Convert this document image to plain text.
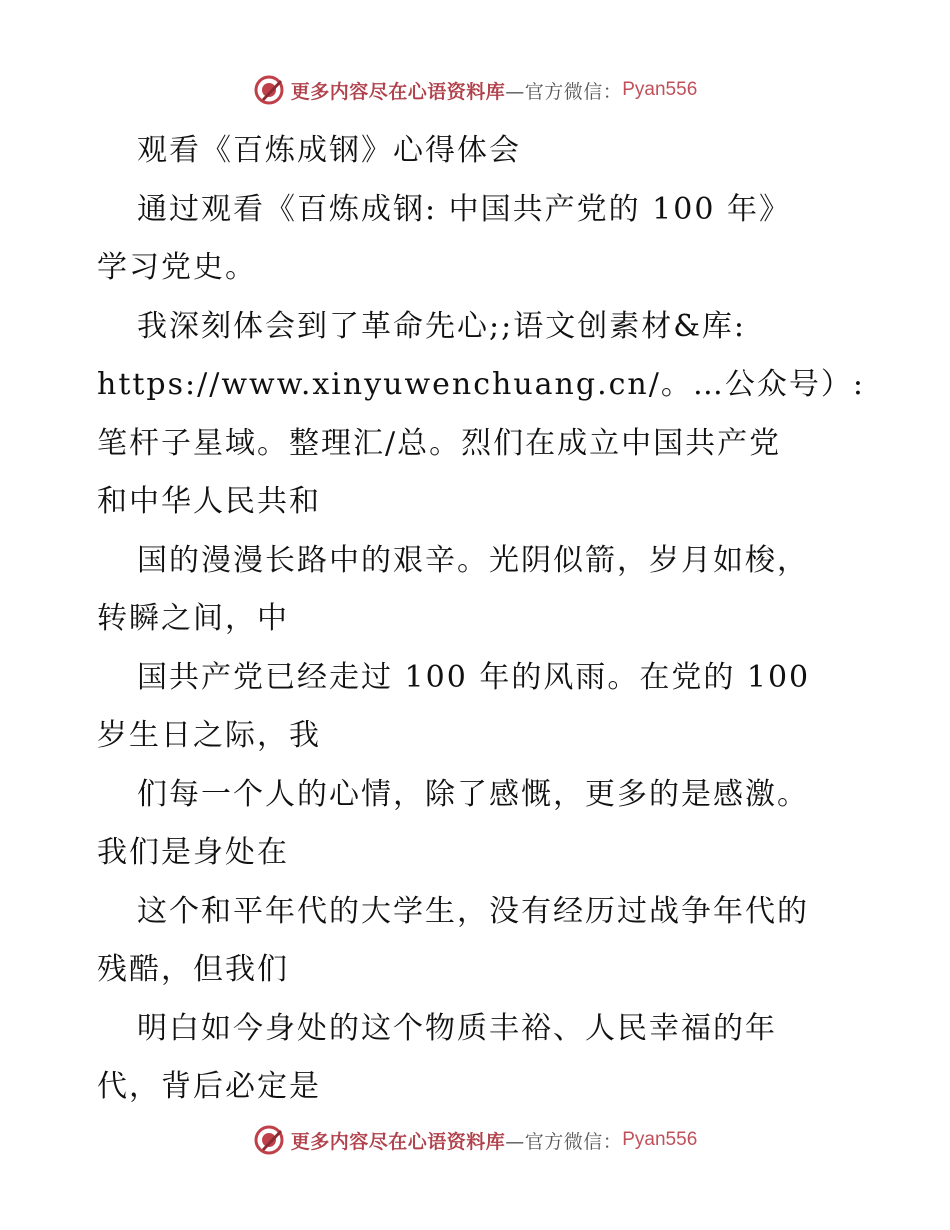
更多内容尽在心语资料库 —官方微信： Pyan556
观看《百炼成钢》心得体会
通过观看《百炼成钢: 中国共产党的 100 年》
学习党史。
我深刻体会到了革命先心;;语文创素材&库:
https://www.xinyuwenchuang.cn/。…公众号）:
笔杆子星域。整理汇/总。烈们在成立中国共产党
和中华人民共和
国的漫漫长路中的艰辛。光阴似箭，岁月如梭，
转瞬之间，中
国共产党已经走过 100 年的风雨。在党的 100
岁生日之际，我
们每一个人的心情，除了感慨，更多的是感激。
我们是身处在
这个和平年代的大学生，没有经历过战争年代的
残酷，但我们
明白如今身处的这个物质丰裕、人民幸福的年
代，背后必定是
更多内容尽在心语资料库 —官方微信： Pyan556
